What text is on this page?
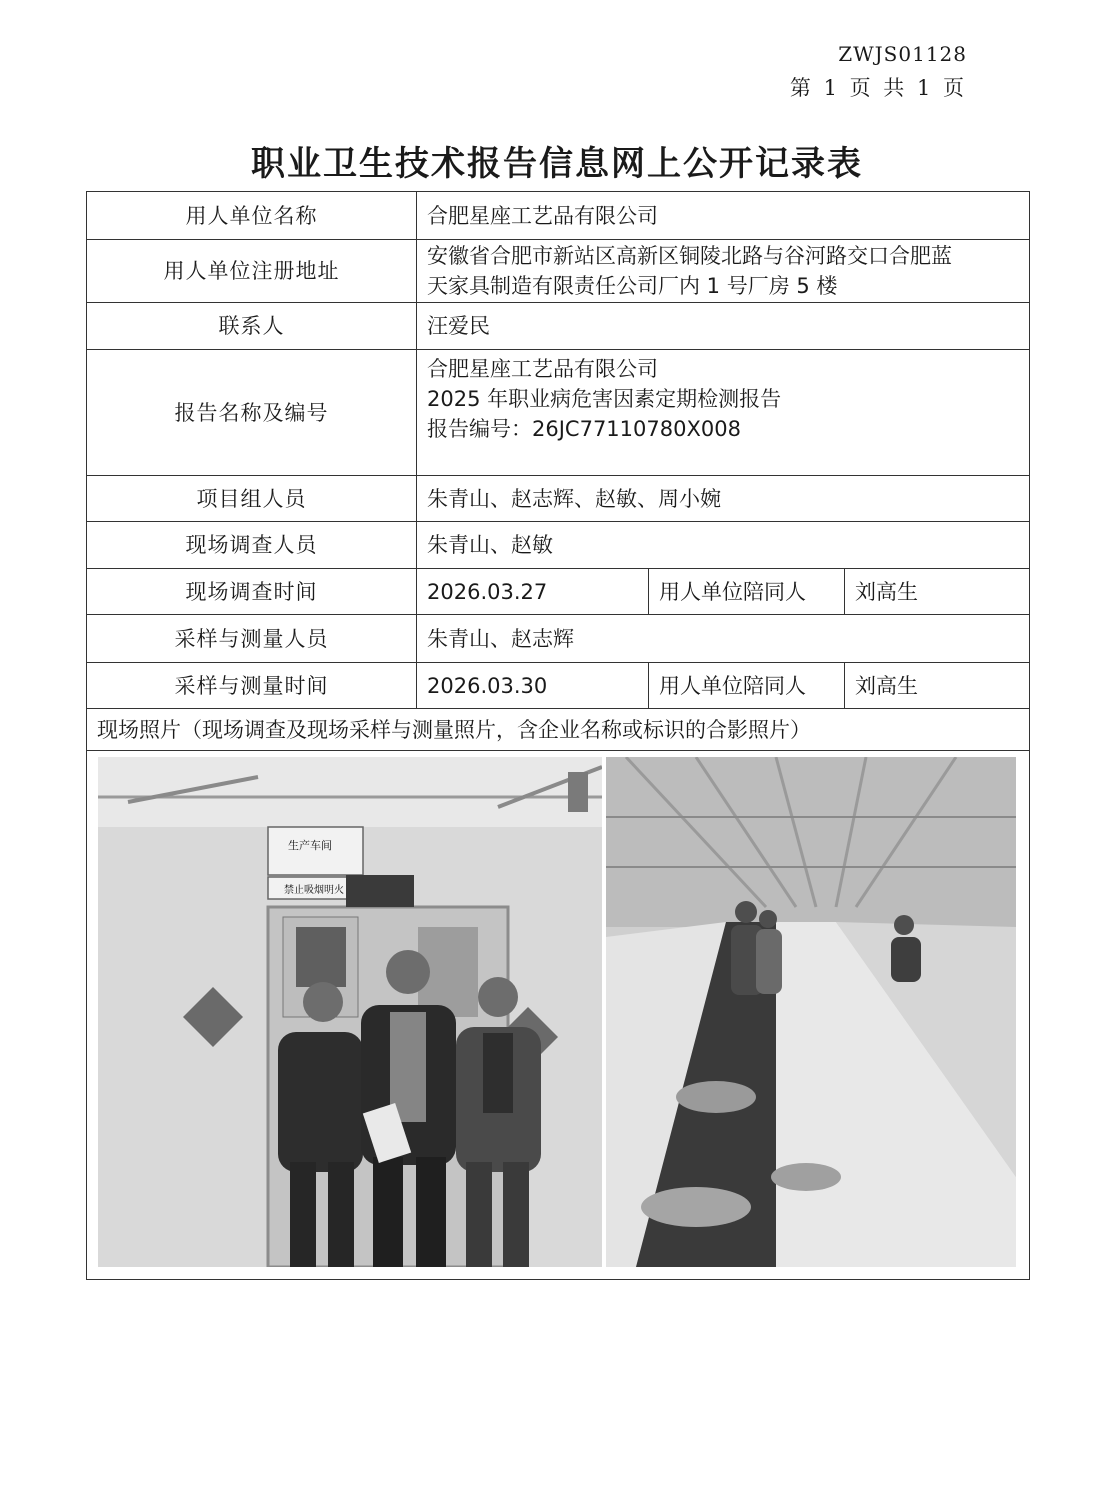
ZWJS01128
第 1 页 共 1 页
职业卫生技术报告信息网上公开记录表
用人单位名称	合肥星座工艺品有限公司		
用人单位注册地址	安徽省合肥市新站区高新区铜陵北路与谷河路交口合肥蓝
天家具制造有限责任公司厂内 1 号厂房 5 楼		

联系人	汪爱民		
报告名称及编号	合肥星座工艺品有限公司
2025 年职业病危害因素定期检测报告
报告编号：26JC77110780X008		

项目组人员	朱青山、赵志辉、赵敏、周小婉		
现场调查人员	朱青山、赵敏		
现场调查时间	2026.03.27	用人单位陪同人	刘高生
采样与测量人员	朱青山、赵志辉		
采样与测量时间	2026.03.30	用人单位陪同人	刘高生
现场照片（现场调查及现场采样与测量照片，含企业名称或标识的合影照片）			

生产车间
禁止吸烟明火			
